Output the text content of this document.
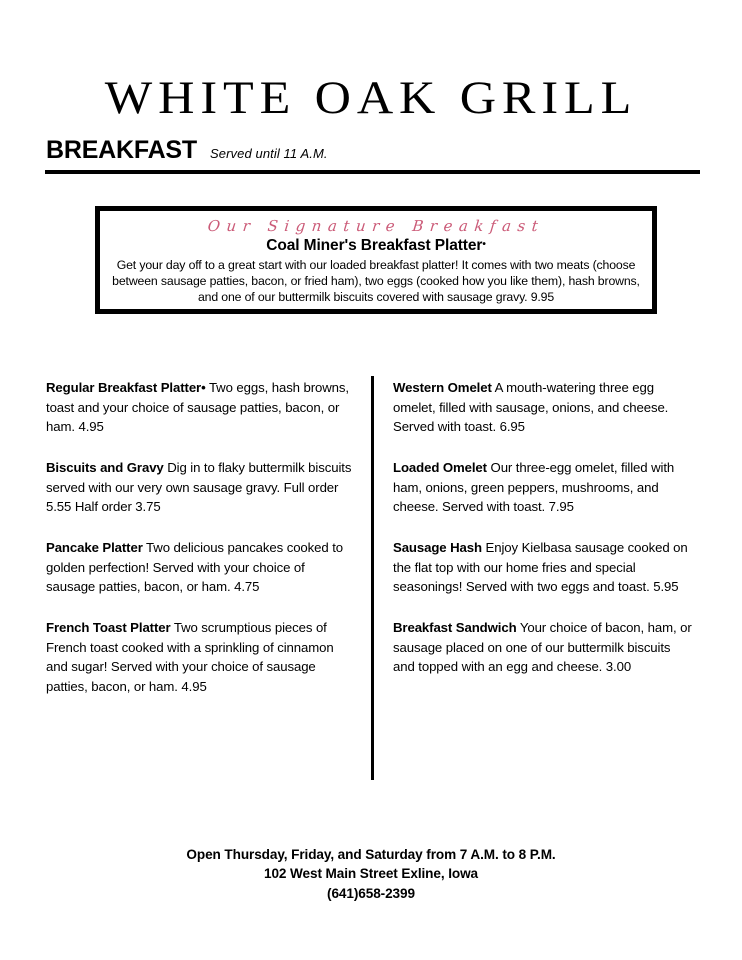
WHITE OAK GRILL
BREAKFAST Served until 11 A.M.
Our Signature Breakfast
Coal Miner's Breakfast Platter•
Get your day off to a great start with our loaded breakfast platter! It comes with two meats (choose between sausage patties, bacon, or fried ham), two eggs (cooked how you like them), hash browns, and one of our buttermilk biscuits covered with sausage gravy. 9.95
Regular Breakfast Platter• Two eggs, hash browns, toast and your choice of sausage patties, bacon, or ham. 4.95
Biscuits and Gravy Dig in to flaky buttermilk biscuits served with our very own sausage gravy. Full order 5.55 Half order 3.75
Pancake Platter Two delicious pancakes cooked to golden perfection! Served with your choice of sausage patties, bacon, or ham. 4.75
French Toast Platter Two scrumptious pieces of French toast cooked with a sprinkling of cinnamon and sugar! Served with your choice of sausage patties, bacon, or ham. 4.95
Western Omelet A mouth-watering three egg omelet, filled with sausage, onions, and cheese. Served with toast. 6.95
Loaded Omelet Our three-egg omelet, filled with ham, onions, green peppers, mushrooms, and cheese. Served with toast. 7.95
Sausage Hash Enjoy Kielbasa sausage cooked on the flat top with our home fries and special seasonings! Served with two eggs and toast. 5.95
Breakfast Sandwich Your choice of bacon, ham, or sausage placed on one of our buttermilk biscuits and topped with an egg and cheese. 3.00
Open Thursday, Friday, and Saturday from 7 A.M. to 8 P.M.
102 West Main Street Exline, Iowa
(641)658-2399
